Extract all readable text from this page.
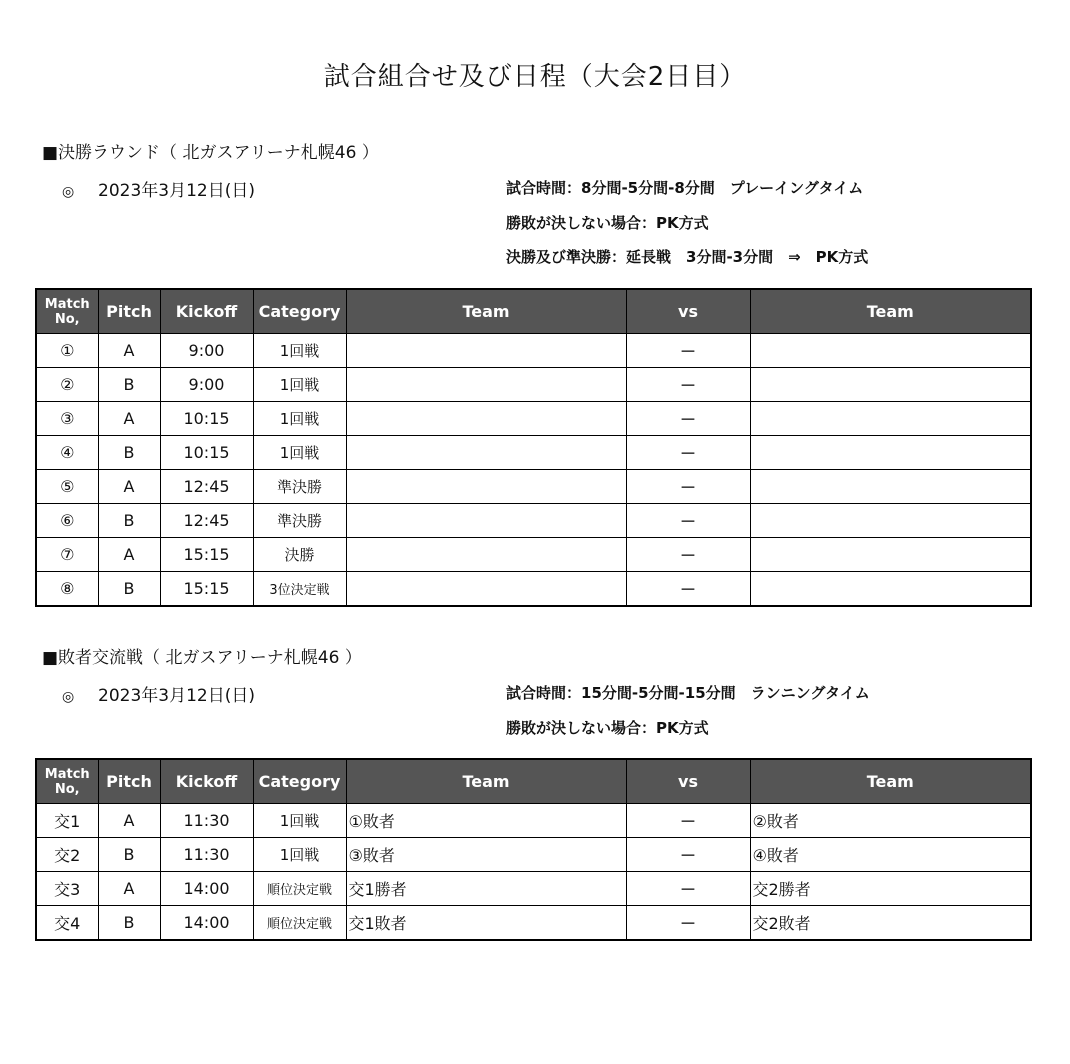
試合組合せ及び日程（大会2日目）
■決勝ラウンド（ 北ガスアリーナ札幌46 ）
◎ 2023年3月12日(日)	試合時間：8分間-5分間-8分間　プレーイングタイム
勝敗が決しない場合：PK方式
決勝及び準決勝：延長戦　3分間-3分間　⇒　PK方式
Match
No,	Pitch	Kickoff	Category	Team	vs	Team
①	A	9:00	1回戦		－	
②	B	9:00	1回戦		－	
③	A	10:15	1回戦		－	
④	B	10:15	1回戦		－	
⑤	A	12:45	準決勝		－	
⑥	B	12:45	準決勝		－	
⑦	A	15:15	決勝		－	
⑧	B	15:15	3位決定戦		－	
■敗者交流戦（ 北ガスアリーナ札幌46 ）
◎ 2023年3月12日(日)	試合時間：15分間-5分間-15分間　ランニングタイム
勝敗が決しない場合：PK方式
Match
No,	Pitch	Kickoff	Category	Team	vs	Team
交1	A	11:30	1回戦	①敗者	－	②敗者
交2	B	11:30	1回戦	③敗者	－	④敗者
交3	A	14:00	順位決定戦	交1勝者	－	交2勝者
交4	B	14:00	順位決定戦	交1敗者	－	交2敗者
